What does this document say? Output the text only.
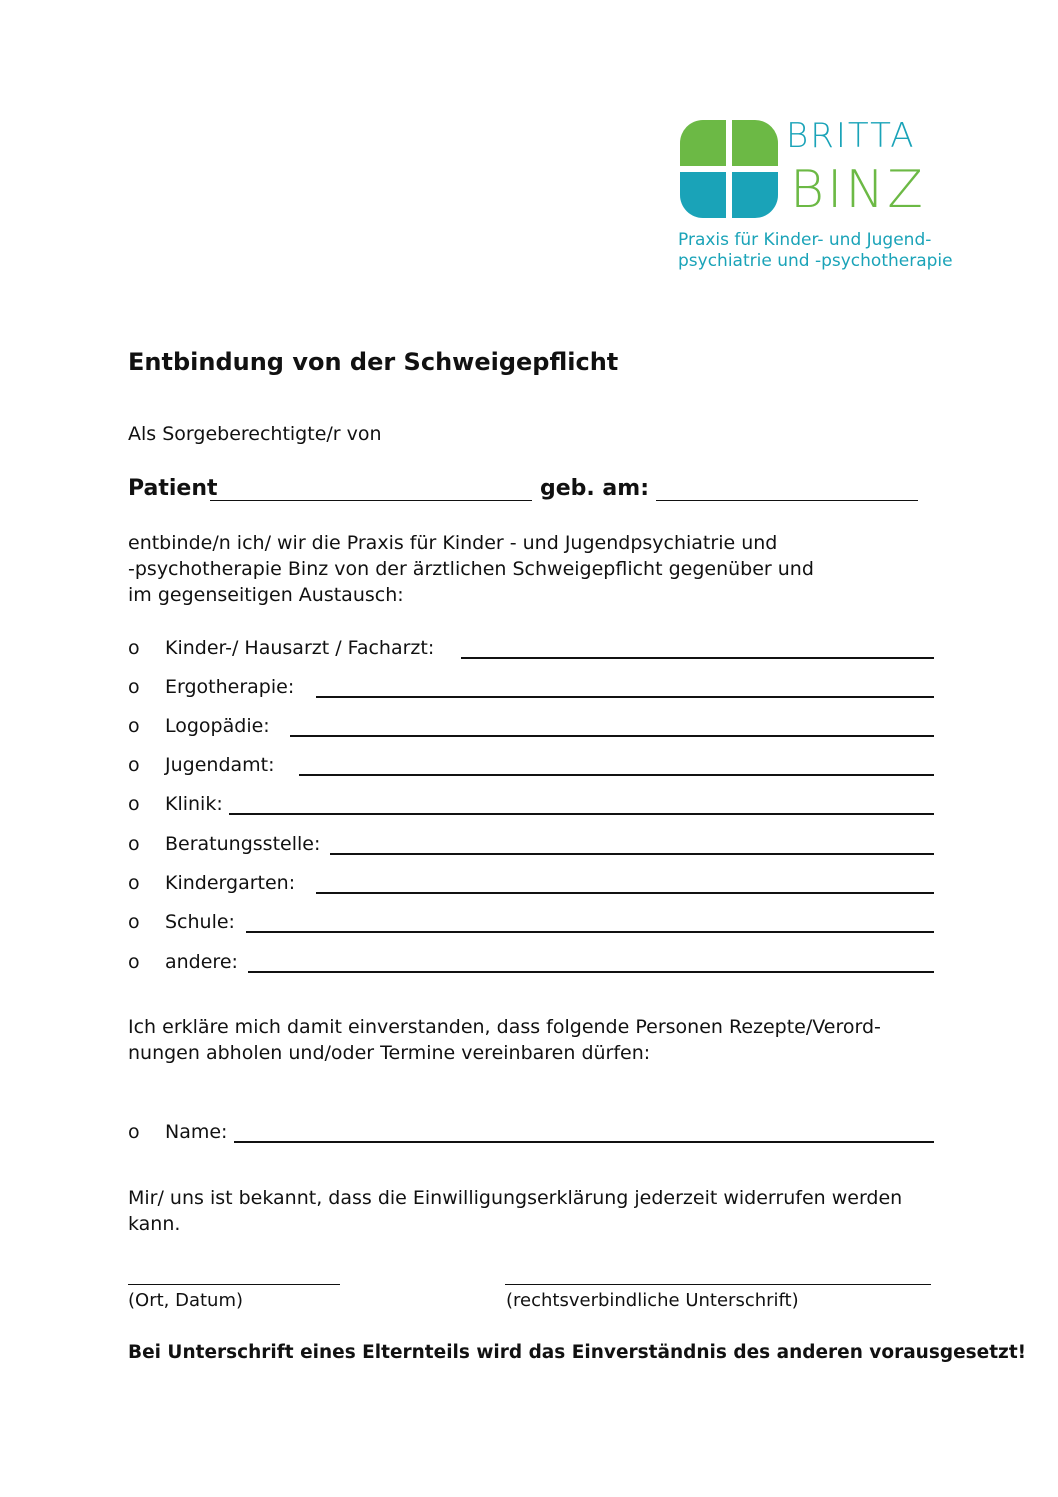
BRITTA
BINZ
Praxis für Kinder- und Jugend-
psychiatrie und -psychotherapie
Entbindung von der Schweigepflicht
Als Sorgeberechtigte/r von
Patient	geb. am:
entbinde/n ich/ wir die Praxis für Kinder - und Jugendpsychiatrie und
-psychotherapie Binz von der ärztlichen Schweigepflicht gegenüber und
im gegenseitigen Austausch:
o Kinder-/ Hausarzt / Facharzt:
o Ergotherapie:
o Logopädie:
o Jugendamt:
o Klinik:
o Beratungsstelle:
o Kindergarten:
o Schule:
o andere:
Ich erkläre mich damit einverstanden, dass folgende Personen Rezepte/Verord-
nungen abholen und/oder Termine vereinbaren dürfen:
o Name:
Mir/ uns ist bekannt, dass die Einwilligungserklärung jederzeit widerrufen werden
kann.
(Ort, Datum)	(rechtsverbindliche Unterschrift)
Bei Unterschrift eines Elternteils wird das Einverständnis des anderen vorausgesetzt!
